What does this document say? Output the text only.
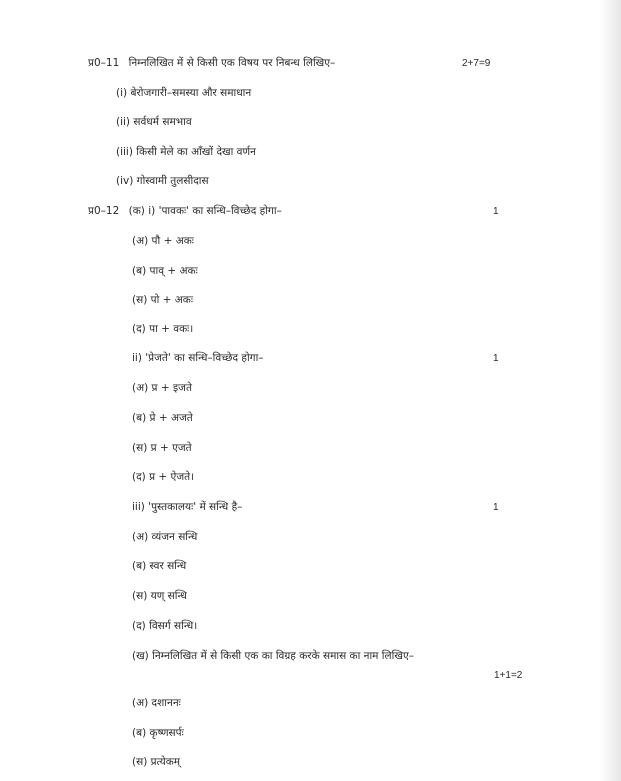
प्र0–11 निम्नलिखित में से किसी एक विषय पर निबन्ध लिखिए–	2+7=9
(i) बेरोजगारी–समस्या और समाधान
(ii) सर्वधर्म समभाव
(iii) किसी मेले का आँखों देखा वर्णन
(iv) गोस्वामी तुलसीदास
प्र0–12 (क) i) 'पावकः' का सन्धि–विच्छेद होगा–	1
(अ) पौ + अकः
(ब) पाव् + अकः
(स) पो + अकः
(द) पा + वकः।
ii) 'प्रेजते' का सन्धि–विच्छेद होगा–	1
(अ) प्र + इजते
(ब) प्रे + अजते
(स) प्र + एजते
(द) प्र + ऐजते।
iii) 'पुस्तकालयः' में सन्धि है–	1
(अ) व्यंजन सन्धि
(ब) स्वर सन्धि
(स) यण् सन्धि
(द) विसर्ग सन्धि।
(ख) निम्नलिखित में से किसी एक का विग्रह करके समास का नाम लिखिए–
1+1=2
(अ) दशाननः
(ब) कृष्णसर्पः
(स) प्रत्येकम्
